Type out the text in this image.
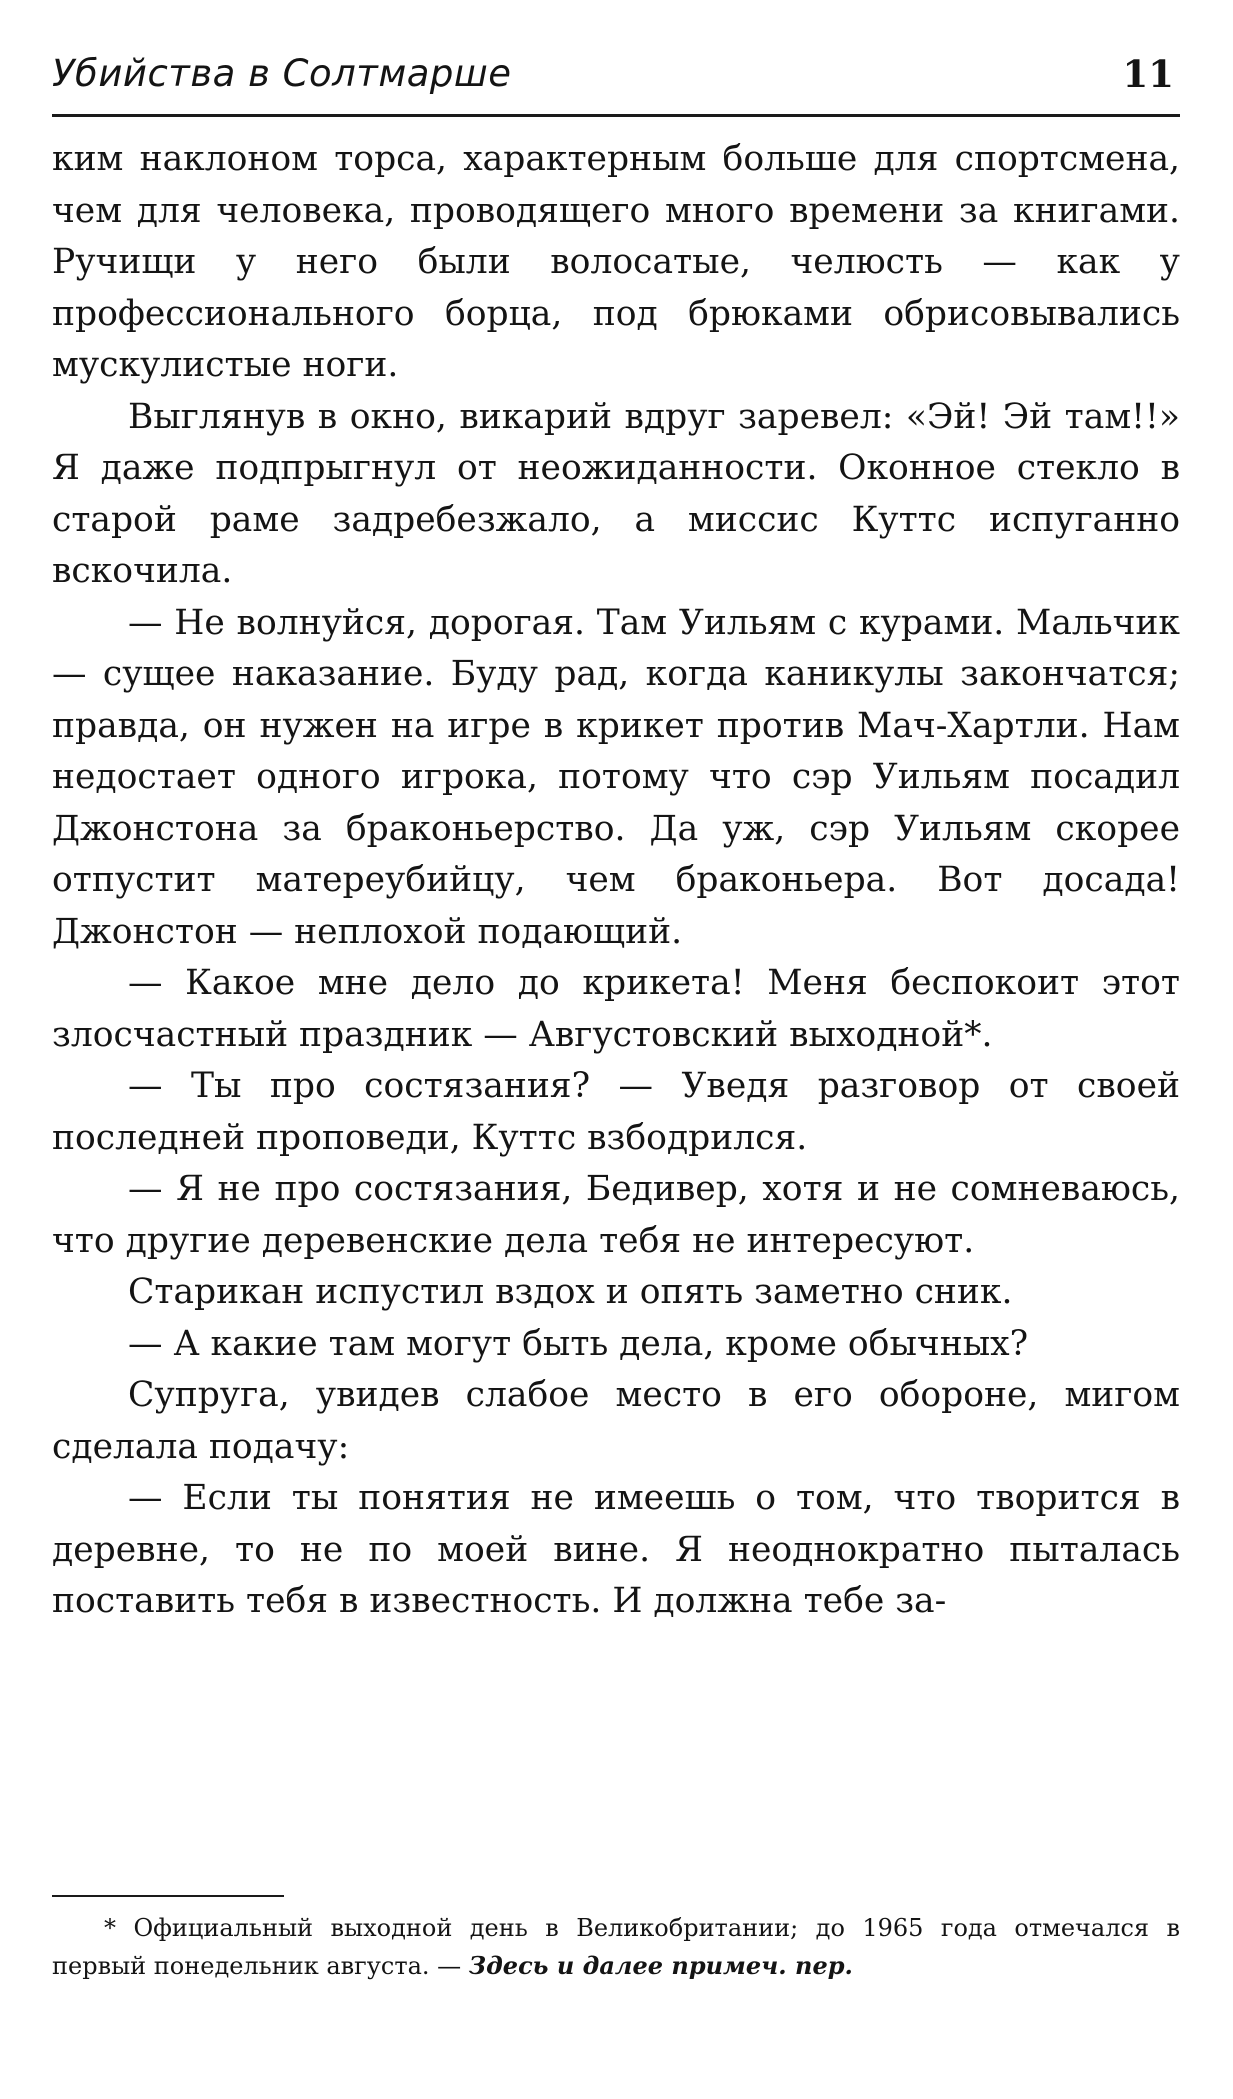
Убийства в Солтмарше	11

ким наклоном торса, характерным больше для спортсмена, чем для человека, проводящего много времени за книгами. Ручищи у него были волосатые, челюсть — как у профессионального борца, под брюками обрисовывались мускулистые ноги.

Выглянув в окно, викарий вдруг заревел: «Эй! Эй там!!» Я даже подпрыгнул от неожиданности. Оконное стекло в старой раме задребезжало, а миссис Куттс испуганно вскочила.

— Не волнуйся, дорогая. Там Уильям с курами. Мальчик — сущее наказание. Буду рад, когда каникулы закончатся; правда, он нужен на игре в крикет против Мач-Хартли. Нам недостает одного игрока, потому что сэр Уильям посадил Джонстона за браконьерство. Да уж, сэр Уильям скорее отпустит матереубийцу, чем браконьера. Вот досада! Джонстон — неплохой подающий.

— Какое мне дело до крикета! Меня беспокоит этот злосчастный праздник — Августовский выходной*.

— Ты про состязания? — Уведя разговор от своей последней проповеди, Куттс взбодрился.

— Я не про состязания, Бедивер, хотя и не сомневаюсь, что другие деревенские дела тебя не интересуют.

Старикан испустил вздох и опять заметно сник.

— А какие там могут быть дела, кроме обычных?

Супруга, увидев слабое место в его обороне, мигом сделала подачу:

— Если ты понятия не имеешь о том, что творится в деревне, то не по моей вине. Я неоднократно пыталась поставить тебя в известность. И должна тебе за-

* Официальный выходной день в Великобритании; до 1965 года отмечался в первый понедельник августа. — Здесь и далее примеч. пер.
